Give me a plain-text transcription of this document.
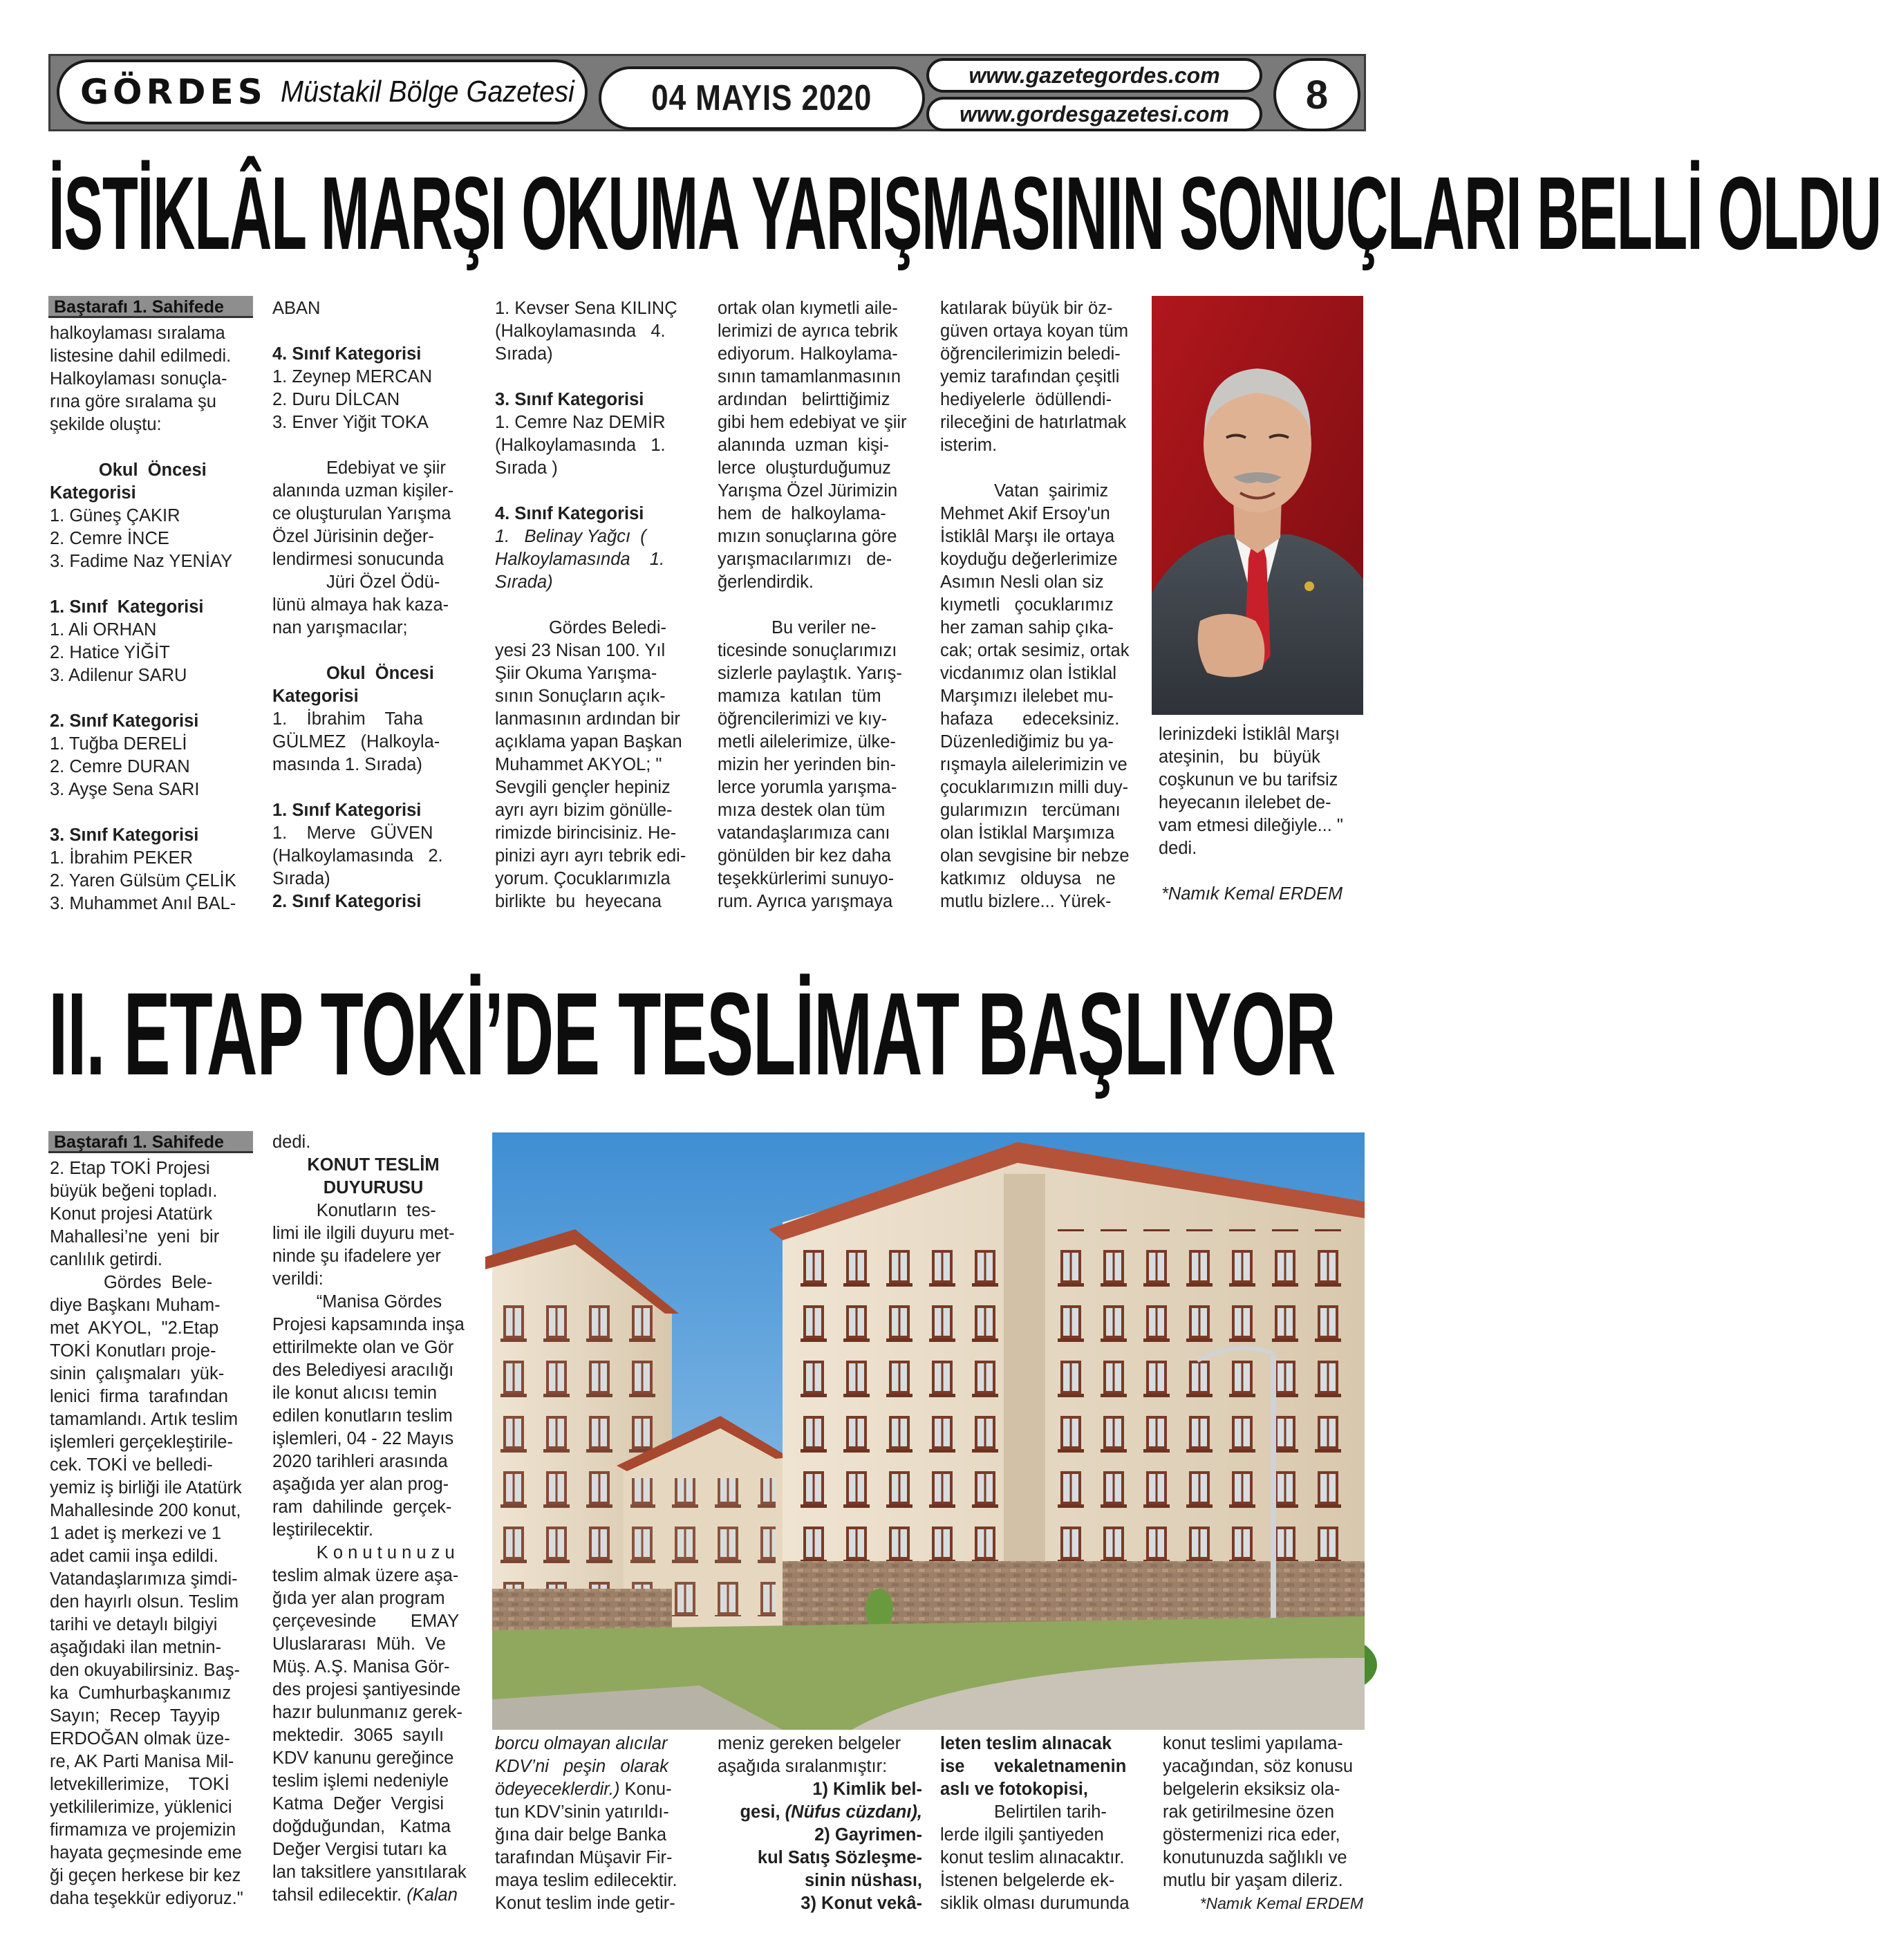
GÖRDES Müstakil Bölge Gazetesi 04 MAYIS 2020
www.gazetegordes.com
www.gordesgazetesi.com 8
İSTİKLÂL MARŞI OKUMA YARIŞMASININ SONUÇLARI BELLİ OLDU
Baştarafı 1. Sahifede
halkoylaması sıralama
listesine dahil edilmedi.
Halkoylaması sonuçla-
rına göre sıralama şu
şekilde oluştu:

Okul  Öncesi
Kategorisi
1. Güneş ÇAKIR
2. Cemre İNCE
3. Fadime Naz YENİAY

1. Sınıf  Kategorisi
1. Ali ORHAN
2. Hatice YİĞİT
3. Adilenur SARU

2. Sınıf Kategorisi
1. Tuğba DERELİ
2. Cemre DURAN
3. Ayşe Sena SARI

3. Sınıf Kategorisi
1. İbrahim PEKER
2. Yaren Gülsüm ÇELİK
3. Muhammet Anıl BAL-
ABAN

4. Sınıf Kategorisi
1. Zeynep MERCAN
2. Duru DİLCAN
3. Enver Yiğit TOKA

Edebiyat ve şiir
alanında uzman kişiler-
ce oluşturulan Yarışma
Özel Jürisinin değer-
lendirmesi sonucunda
Jüri Özel Ödü-
lünü almaya hak kaza-
nan yarışmacılar;

Okul  Öncesi
Kategorisi
1.    İbrahim    Taha
GÜLMEZ   (Halkoyla-
masında 1. Sırada)

1. Sınıf Kategorisi
1.    Merve   GÜVEN
(Halkoylamasında   2.
Sırada)
2. Sınıf Kategorisi
1. Kevser Sena KILINÇ
(Halkoylamasında   4.
Sırada)

3. Sınıf Kategorisi
1. Cemre Naz DEMİR
(Halkoylamasında   1.
Sırada )

4. Sınıf Kategorisi
1.   Belinay Yağcı  (
Halkoylamasında    1.
Sırada)

Gördes Beledi-
yesi 23 Nisan 100. Yıl
Şiir Okuma Yarışma-
sının Sonuçların açık-
lanmasının ardından bir
açıklama yapan Başkan
Muhammet AKYOL; "
Sevgili gençler hepiniz
ayrı ayrı bizim gönülle-
rimizde birincisiniz. He-
pinizi ayrı ayrı tebrik edi-
yorum. Çocuklarımızla
birlikte  bu  heyecana
ortak olan kıymetli aile-
lerimizi de ayrıca tebrik
ediyorum. Halkoylama-
sının tamamlanmasının
ardından   belirttiğimiz
gibi hem edebiyat ve şiir
alanında  uzman  kişi-
lerce  oluşturduğumuz
Yarışma Özel Jürimizin
hem  de  halkoylama-
mızın sonuçlarına göre
yarışmacılarımızı   de-
ğerlendirdik.

Bu veriler ne-
ticesinde sonuçlarımızı
sizlerle paylaştık. Yarış-
mamıza  katılan  tüm
öğrencilerimizi ve kıy-
metli ailelerimize, ülke-
mizin her yerinden bin-
lerce yorumla yarışma-
mıza destek olan tüm
vatandaşlarımıza canı
gönülden bir kez daha
teşekkürlerimi sunuyo-
rum. Ayrıca yarışmaya
katılarak büyük bir öz-
güven ortaya koyan tüm
öğrencilerimizin beledi-
yemiz tarafından çeşitli
hediyelerle  ödüllendi-
rileceğini de hatırlatmak
isterim.

Vatan  şairimiz
Mehmet Akif Ersoy'un
İstiklâl Marşı ile ortaya
koyduğu değerlerimize
Asımın Nesli olan siz
kıymetli   çocuklarımız
her zaman sahip çıka-
cak; ortak sesimiz, ortak
vicdanımız olan İstiklal
Marşımızı ilelebet mu-
hafaza      edeceksiniz.
Düzenlediğimiz bu ya-
rışmayla ailelerimizin ve
çocuklarımızın milli duy-
gularımızın   tercümanı
olan İstiklal Marşımıza
olan sevgisine bir nebze
katkımız   olduysa   ne
mutlu bizlere... Yürek-
lerinizdeki İstiklâl Marşı
ateşinin,   bu   büyük
coşkunun ve bu tarifsiz
heyecanın ilelebet de-
vam etmesi dileğiyle... "
dedi.

*Namık Kemal ERDEM
II. ETAP TOKİ’DE TESLİMAT BAŞLIYOR
Baştarafı 1. Sahifede
2. Etap TOKİ Projesi
büyük beğeni topladı.
Konut projesi Atatürk
Mahallesi’ne  yeni  bir
canlılık getirdi.
Gördes  Bele-
diye Başkanı Muham-
met  AKYOL,  "2.Etap
TOKİ Konutları proje-
sinin  çalışmaları  yük-
lenici  firma  tarafından
tamamlandı. Artık teslim
işlemleri gerçekleştirile-
cek. TOKİ ve belledi-
yemiz iş birliği ile Atatürk
Mahallesinde 200 konut,
1 adet iş merkezi ve 1
adet camii inşa edildi.
Vatandaşlarımıza şimdi-
den hayırlı olsun. Teslim
tarihi ve detaylı bilgiyi
aşağıdaki ilan metnin-
den okuyabilirsiniz. Baş-
ka  Cumhurbaşkanımız
Sayın;  Recep  Tayyip
ERDOĞAN olmak üze-
re, AK Parti Manisa Mil-
letvekillerimize,    TOKİ
yetkililerimize, yüklenici
firmamıza ve projemizin
hayata geçmesinde eme
ği geçen herkese bir kez
daha teşekkür ediyoruz."
dedi.

KONUT TESLİM
DUYURUSU
Konutların  tes-
limi ile ilgili duyuru met-
ninde şu ifadelere yer
verildi:
“Manisa Gördes
Projesi kapsamında inşa
ettirilmekte olan ve Gör
des Belediyesi aracılığı
ile konut alıcısı temin
edilen konutların teslim
işlemleri, 04 - 22 Mayıs
2020 tarihleri arasında
aşağıda yer alan prog-
ram  dahilinde  gerçek-
leştirilecektir.
K o n u t u n u z u
teslim almak üzere aşa-
ğıda yer alan program
çerçevesinde       EMAY
Uluslararası  Müh.  Ve
Müş. A.Ş. Manisa Gör-
des projesi şantiyesinde
hazır bulunmanız gerek-
mektedir.  3065  sayılı
KDV kanunu gereğince
teslim işlemi nedeniyle
Katma  Değer  Vergisi
doğduğundan,   Katma
Değer Vergisi tutarı ka
lan taksitlere yansıtılarak
tahsil edilecektir. (Kalan
borcu olmayan alıcılar
KDV’ni   peşin   olarak
ödeyeceklerdir.) Konu-
tun KDV’sinin yatırıldı-
ğına dair belge Banka
tarafından Müşavir Fir-
maya teslim edilecektir.
Konut teslim inde getir-
meniz gereken belgeler
aşağıda sıralanmıştır:

1) Kimlik bel-
gesi, (Nüfus cüzdanı),
2) Gayrimen-
kul Satış Sözleşme-
sinin nüshası,
3) Konut vekâ-
leten teslim alınacak
ise      vekaletnamenin
aslı ve fotokopisi,
Belirtilen tarih-
lerde ilgili şantiyeden
konut teslim alınacaktır.
İstenen belgelerde ek-
siklik olması durumunda
konut teslimi yapılama-
yacağından, söz konusu
belgelerin eksiksiz ola-
rak getirilmesine özen
göstermenizi rica eder,
konutunuzda sağlıklı ve
mutlu bir yaşam dileriz.

*Namık Kemal ERDEM
